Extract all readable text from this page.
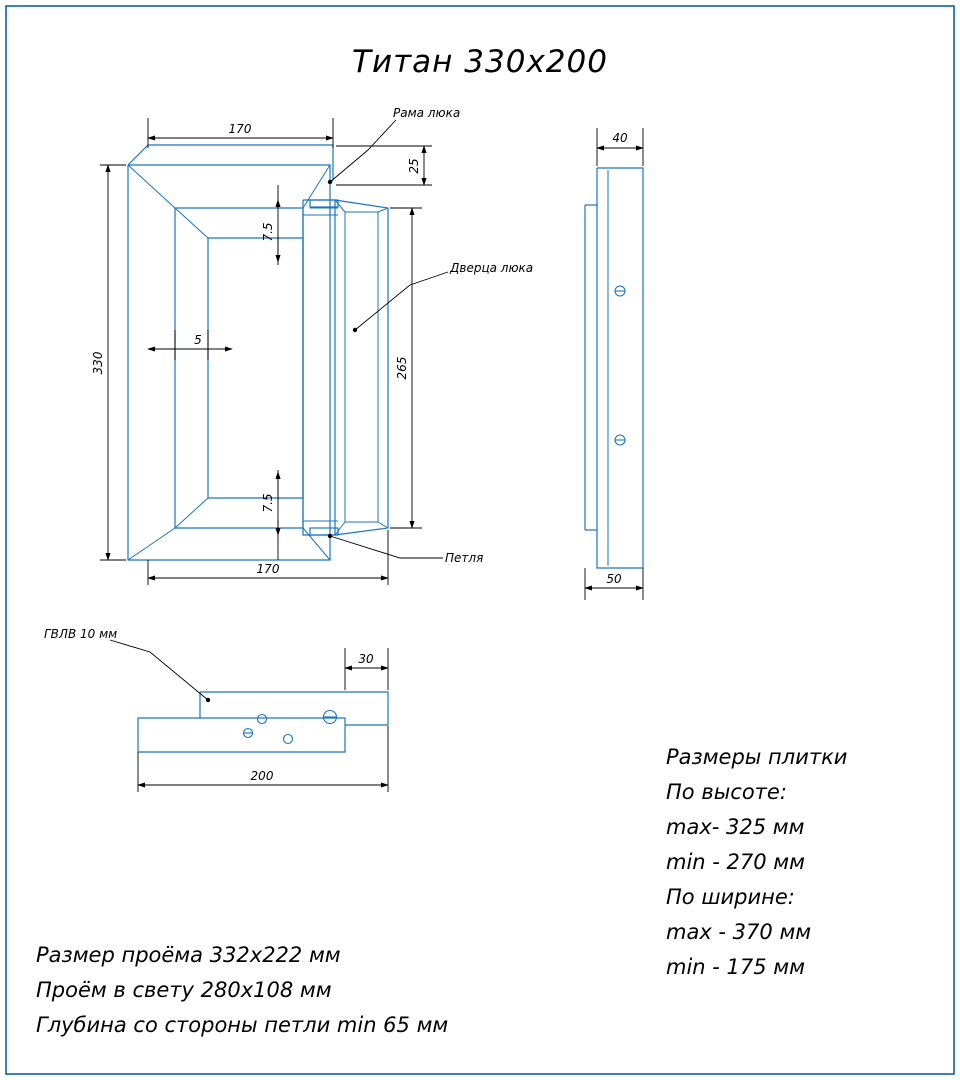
Титан 330x200
170
170
330
25
265
7.5
7.5
5
Рама люка
Дверца люка
Петля
40
50
200
30
ГВЛВ 10 мм
Размеры плитки
По высоте:
max- 325 мм
min - 270 мм
По ширине:
max - 370 мм
min - 175 мм
Размер проёма 332х222 мм
Проём в свету 280х108 мм
Глубина со стороны петли min 65 мм
